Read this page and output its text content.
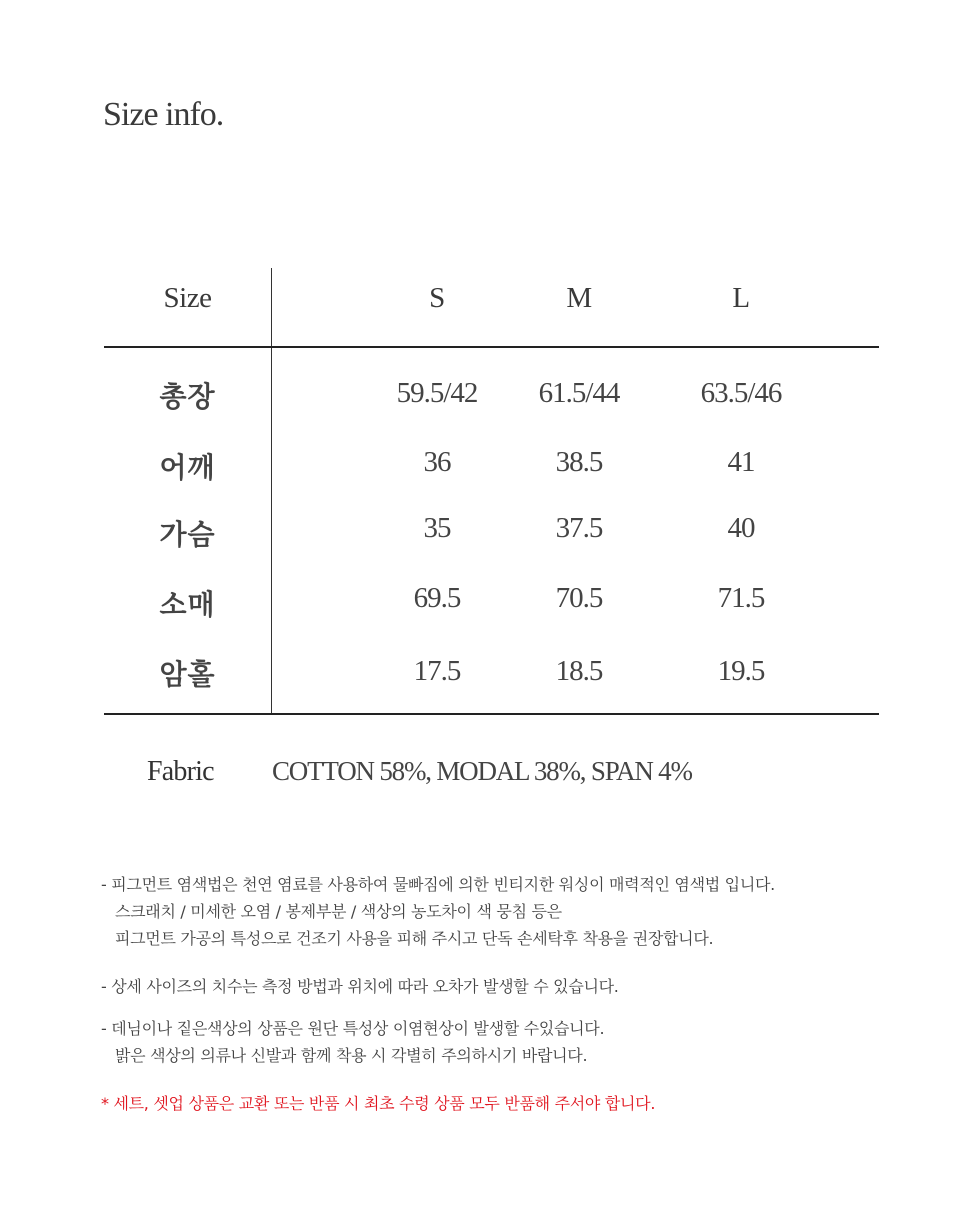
Size info.
Size	S	M	L
총장	59.5/42	61.5/44	63.5/46
어깨	36	38.5	41
가슴	35	37.5	40
소매	69.5	70.5	71.5
암홀	17.5	18.5	19.5
Fabric COTTON 58%, MODAL 38%, SPAN 4%
- 피그먼트 염색법은 천연 염료를 사용하여 물빠짐에 의한 빈티지한 워싱이 매력적인 염색법 입니다.
스크래치 / 미세한 오염 / 봉제부분 / 색상의 농도차이 색 뭉침 등은
피그먼트 가공의 특성으로 건조기 사용을 피해 주시고 단독 손세탁후 착용을 권장합니다.
- 상세 사이즈의 치수는 측정 방법과 위치에 따라 오차가 발생할 수 있습니다.
- 데님이나 짙은색상의 상품은 원단 특성상 이염현상이 발생할 수있습니다.
밝은 색상의 의류나 신발과 함께 착용 시 각별히 주의하시기 바랍니다.
* 세트, 셋업 상품은 교환 또는 반품 시 최초 수령 상품 모두 반품해 주서야 합니다.
